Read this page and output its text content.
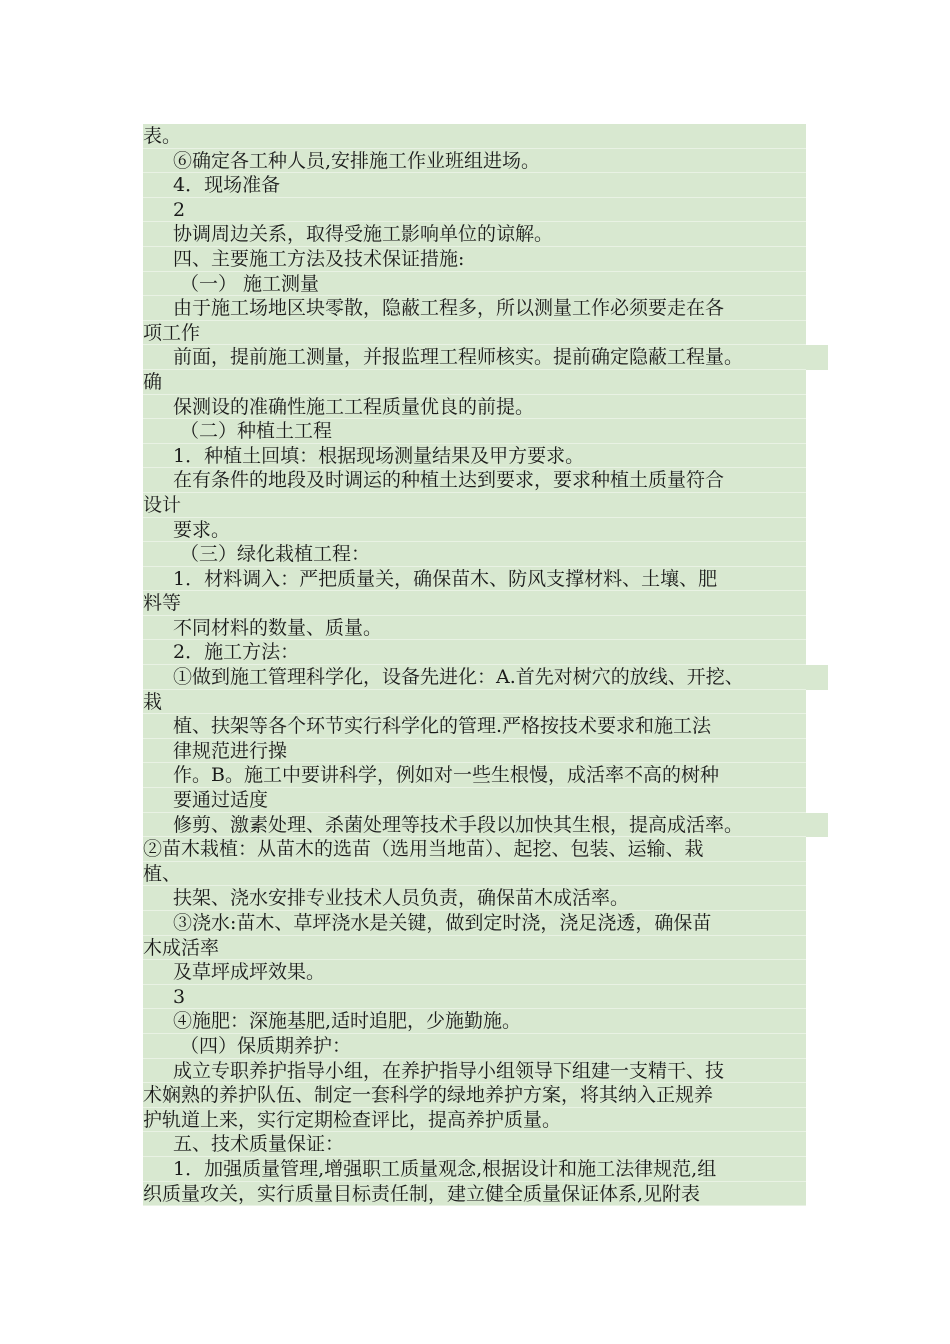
表。
⑥确定各工种人员,安排施工作业班组进场。
4．现场准备
2
协调周边关系，取得受施工影响单位的谅解。
四、主要施工方法及技术保证措施:
（一） 施工测量
由于施工场地区块零散，隐蔽工程多，所以测量工作必须要走在各
项工作
前面，提前施工测量，并报监理工程师核实。提前确定隐蔽工程量。
确
保测设的准确性施工工程质量优良的前提。
（二）种植土工程
1．种植土回填：根据现场测量结果及甲方要求。
在有条件的地段及时调运的种植土达到要求，要求种植土质量符合
设计
要求。
（三）绿化栽植工程：
1．材料调入：严把质量关，确保苗木、防风支撑材料、土壤、肥
料等
不同材料的数量、质量。
2．施工方法：
①做到施工管理科学化，设备先进化：A.首先对树穴的放线、开挖、
栽
植、扶架等各个环节实行科学化的管理.严格按技术要求和施工法
律规范进行操
作。B。施工中要讲科学，例如对一些生根慢，成活率不高的树种
要通过适度
修剪、激素处理、杀菌处理等技术手段以加快其生根，提高成活率。
②苗木栽植：从苗木的选苗（选用当地苗）、起挖、包装、运输、栽
植、
扶架、浇水安排专业技术人员负责，确保苗木成活率。
③浇水:苗木、草坪浇水是关键，做到定时浇，浇足浇透，确保苗
木成活率
及草坪成坪效果。
3
④施肥：深施基肥,适时追肥，少施勤施。
（四）保质期养护：
成立专职养护指导小组，在养护指导小组领导下组建一支精干、技
术娴熟的养护队伍、制定一套科学的绿地养护方案，将其纳入正规养
护轨道上来，实行定期检查评比，提高养护质量。
五、技术质量保证：
1．加强质量管理,增强职工质量观念,根据设计和施工法律规范,组
织质量攻关，实行质量目标责任制，建立健全质量保证体系,见附表
